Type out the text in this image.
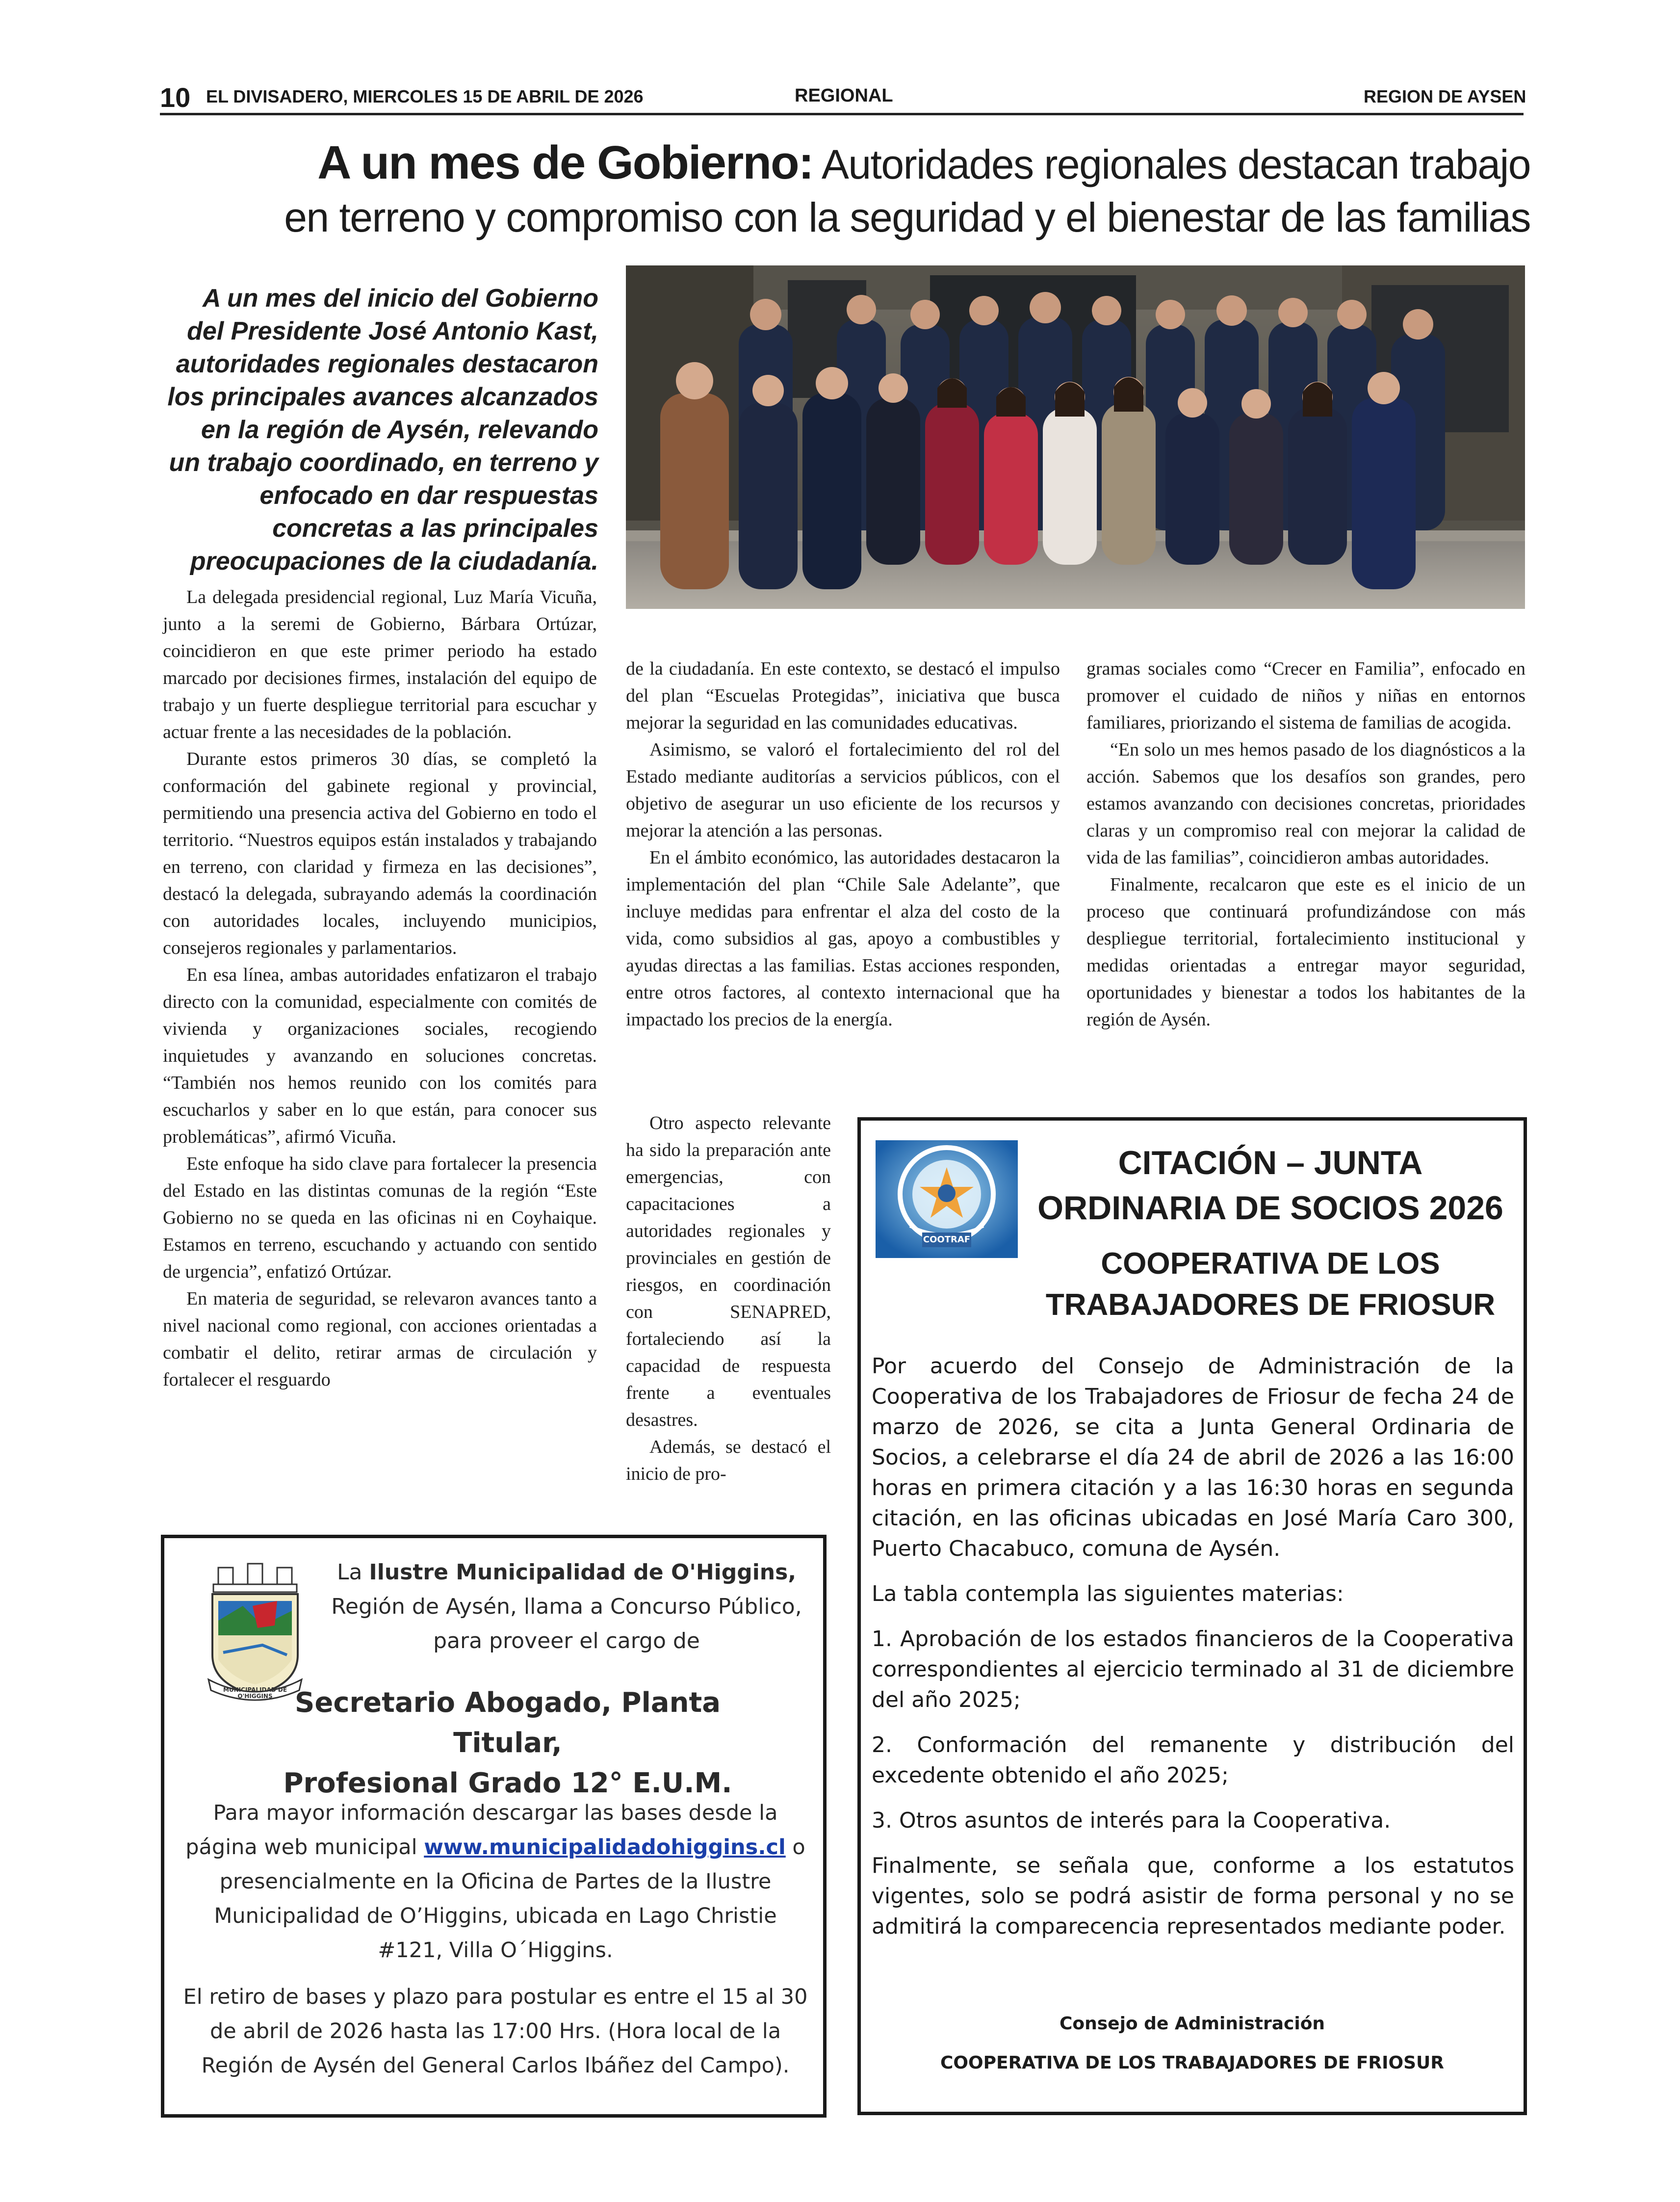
10 EL DIVISADERO, MIERCOLES 15 DE ABRIL DE 2026	REGIONAL	REGION DE AYSEN
A un mes de Gobierno: Autoridades regionales destacan trabajo
en terreno y compromiso con la seguridad y el bienestar de las familias
A un mes del inicio del Gobierno del Presidente José Antonio Kast, autoridades regionales destacaron los principales avances alcanzados en la región de Aysén, relevando un trabajo coordinado, en terreno y enfocado en dar respuestas concretas a las principales preocupaciones de la ciudadanía.

La delegada presidencial regional, Luz María Vicuña, junto a la seremi de Gobierno, Bárbara Ortúzar, coincidieron en que este primer periodo ha estado marcado por decisiones firmes, instalación del equipo de trabajo y un fuerte despliegue territorial para escuchar y actuar frente a las necesidades de la población.

Durante estos primeros 30 días, se completó la conformación del gabinete regional y provincial, permitiendo una presencia activa del Gobierno en todo el territorio. “Nuestros equipos están instalados y trabajando en terreno, con claridad y firmeza en las decisiones”, destacó la delegada, subrayando además la coordinación con autoridades locales, incluyendo municipios, consejeros regionales y parlamentarios.

En esa línea, ambas autoridades enfatizaron el trabajo directo con la comunidad, especialmente con comités de vivienda y organizaciones sociales, recogiendo inquietudes y avanzando en soluciones concretas. “También nos hemos reunido con los comités para escucharlos y saber en lo que están, para conocer sus problemáticas”, afirmó Vicuña.

Este enfoque ha sido clave para fortalecer la presencia del Estado en las distintas comunas de la región “Este Gobierno no se queda en las oficinas ni en Coyhaique. Estamos en terreno, escuchando y actuando con sentido de urgencia”, enfatizó Ortúzar.

En materia de seguridad, se relevaron avances tanto a nivel nacional como regional, con acciones orientadas a combatir el delito, retirar armas de circulación y fortalecer el resguardo

de la ciudadanía. En este contexto, se destacó el impulso del plan “Escuelas Protegidas”, iniciativa que busca mejorar la seguridad en las comunidades educativas.

Asimismo, se valoró el fortalecimiento del rol del Estado mediante auditorías a servicios públicos, con el objetivo de asegurar un uso eficiente de los recursos y mejorar la atención a las personas.

En el ámbito económico, las autoridades destacaron la implementación del plan “Chile Sale Adelante”, que incluye medidas para enfrentar el alza del costo de la vida, como subsidios al gas, apoyo a combustibles y ayudas directas a las familias. Estas acciones responden, entre otros factores, al contexto internacional que ha impactado los precios de la energía.

Otro aspecto relevante ha sido la preparación ante emergencias, con capacitaciones a autoridades regionales y provinciales en gestión de riesgos, en coordinación con SENAPRED, fortaleciendo así la capacidad de respuesta frente a eventuales desastres.

Además, se destacó el inicio de pro-

gramas sociales como “Crecer en Familia”, enfocado en promover el cuidado de niños y niñas en entornos familiares, priorizando el sistema de familias de acogida.

“En solo un mes hemos pasado de los diagnósticos a la acción. Sabemos que los desafíos son grandes, pero estamos avanzando con decisiones concretas, prioridades claras y un compromiso real con mejorar la calidad de vida de las familias”, coincidieron ambas autoridades.

Finalmente, recalcaron que este es el inicio de un proceso que continuará profundizándose con más despliegue territorial, fortalecimiento institucional y medidas orientadas a entregar mayor seguridad, oportunidades y bienestar a todos los habitantes de la región de Aysén.

MUNICIPALIDAD DE O'HIGGINS
La Ilustre Municipalidad de O'Higgins, Región de Aysén, llama a Concurso Público, para proveer el cargo de
Secretario Abogado, Planta Titular,
Profesional Grado 12° E.U.M.
Para mayor información descargar las bases desde la página web municipal www.municipalidadohiggins.cl o presencialmente en la Oficina de Partes de la Ilustre Municipalidad de O’Higgins, ubicada en Lago Christie #121, Villa O´Higgins.
El retiro de bases y plazo para postular es entre el 15 al 30 de abril de 2026 hasta las 17:00 Hrs. (Hora local de la Región de Aysén del General Carlos Ibáñez del Campo).
COOTRAF
CITACIÓN – JUNTA
ORDINARIA DE SOCIOS 2026
COOPERATIVA DE LOS
TRABAJADORES DE FRIOSUR

Por acuerdo del Consejo de Administración de la Cooperativa de los Trabajadores de Friosur de fecha 24 de marzo de 2026, se cita a Junta General Ordinaria de Socios, a celebrarse el día 24 de abril de 2026 a las 16:00 horas en primera citación y a las 16:30 horas en segunda citación, en las oficinas ubicadas en José María Caro 300, Puerto Chacabuco, comuna de Aysén.

La tabla contempla las siguientes materias:

1. Aprobación de los estados financieros de la Cooperativa correspondientes al ejercicio terminado al 31 de diciembre del año 2025;

2. Conformación del remanente y distribución del excedente obtenido el año 2025;

3. Otros asuntos de interés para la Cooperativa.

Finalmente, se señala que, conforme a los estatutos vigentes, solo se podrá asistir de forma personal y no se admitirá la comparecencia representados mediante poder.

Consejo de Administración
COOPERATIVA DE LOS TRABAJADORES DE FRIOSUR
